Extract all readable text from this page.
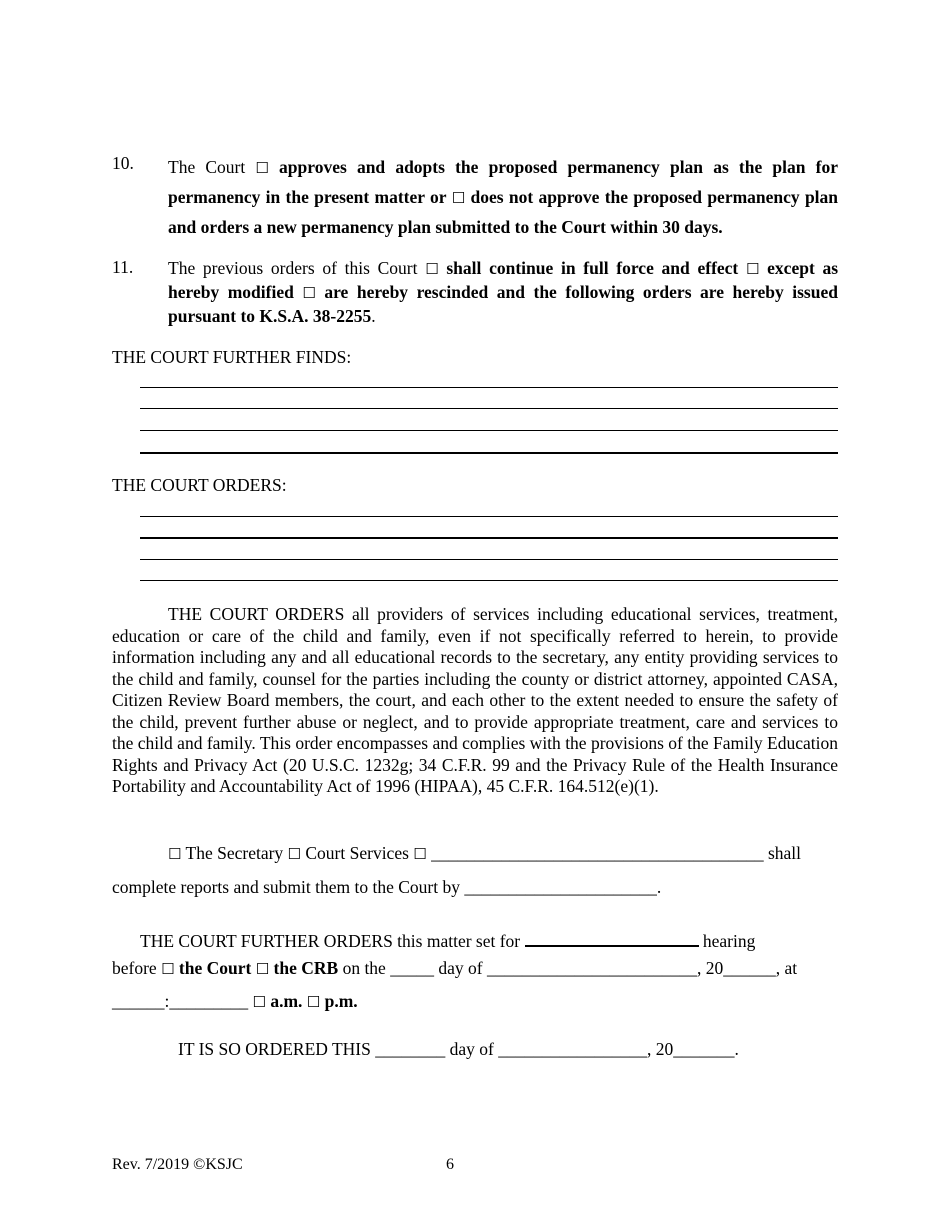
10. The Court ☐ approves and adopts the proposed permanency plan as the plan for permanency in the present matter or ☐ does not approve the proposed permanency plan and orders a new permanency plan submitted to the Court within 30 days.
11. The previous orders of this Court ☐ shall continue in full force and effect ☐ except as hereby modified ☐ are hereby rescinded and the following orders are hereby issued pursuant to K.S.A. 38-2255.
THE COURT FURTHER FINDS:
THE COURT ORDERS:
THE COURT ORDERS all providers of services including educational services, treatment, education or care of the child and family, even if not specifically referred to herein, to provide information including any and all educational records to the secretary, any entity providing services to the child and family, counsel for the parties including the county or district attorney, appointed CASA, Citizen Review Board members, the court, and each other to the extent needed to ensure the safety of the child, prevent further abuse or neglect, and to provide appropriate treatment, care and services to the child and family. This order encompasses and complies with the provisions of the Family Education Rights and Privacy Act (20 U.S.C. 1232g; 34 C.F.R. 99 and the Privacy Rule of the Health Insurance Portability and Accountability Act of 1996 (HIPAA), 45 C.F.R. 164.512(e)(1).
☐ The Secretary ☐ Court Services ☐ ______________________________________ shall
complete reports and submit them to the Court by ______________________.
THE COURT FURTHER ORDERS this matter set for	hearing
before ☐ the Court ☐ the CRB on the _____ day of ________________________, 20______, at
______:_________ ☐ a.m. ☐ p.m.
IT IS SO ORDERED THIS ________ day of _________________, 20_______.
Rev. 7/2019 ©KSJC	6
